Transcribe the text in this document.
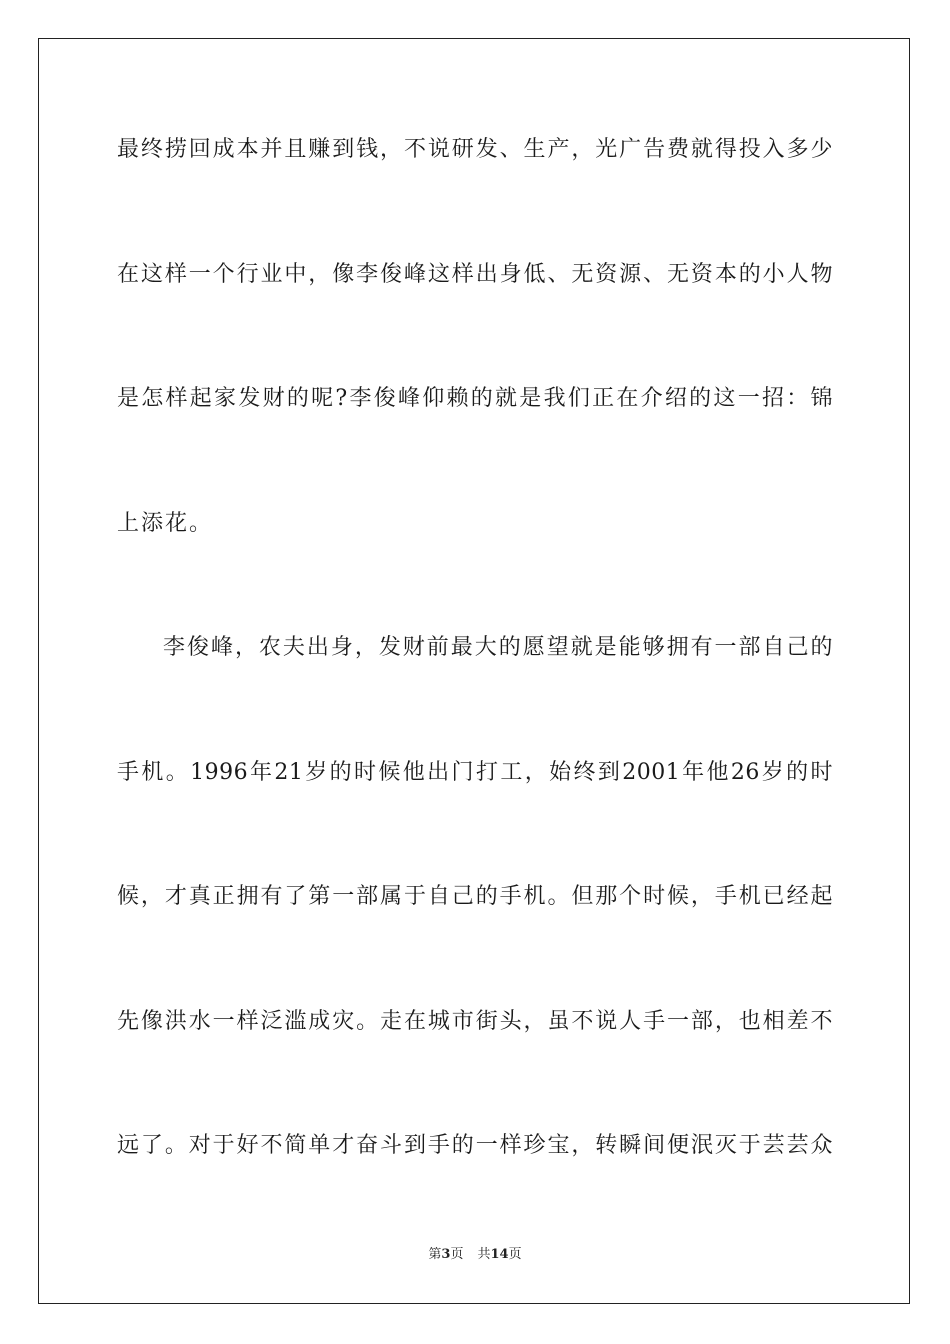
最终捞回成本并且赚到钱，不说研发、生产，光广告费就得投入多少
在这样一个行业中，像李俊峰这样出身低、无资源、无资本的小人物
是怎样起家发财的呢?李俊峰仰赖的就是我们正在介绍的这一招：锦
上添花。
李俊峰，农夫出身，发财前最大的愿望就是能够拥有一部自己的
手机。1996年21岁的时候他出门打工，始终到2001年他26岁的时
候，才真正拥有了第一部属于自己的手机。但那个时候，手机已经起
先像洪水一样泛滥成灾。走在城市街头，虽不说人手一部，也相差不
远了。对于好不简单才奋斗到手的一样珍宝，转瞬间便泯灭于芸芸众
第3页 共14页
